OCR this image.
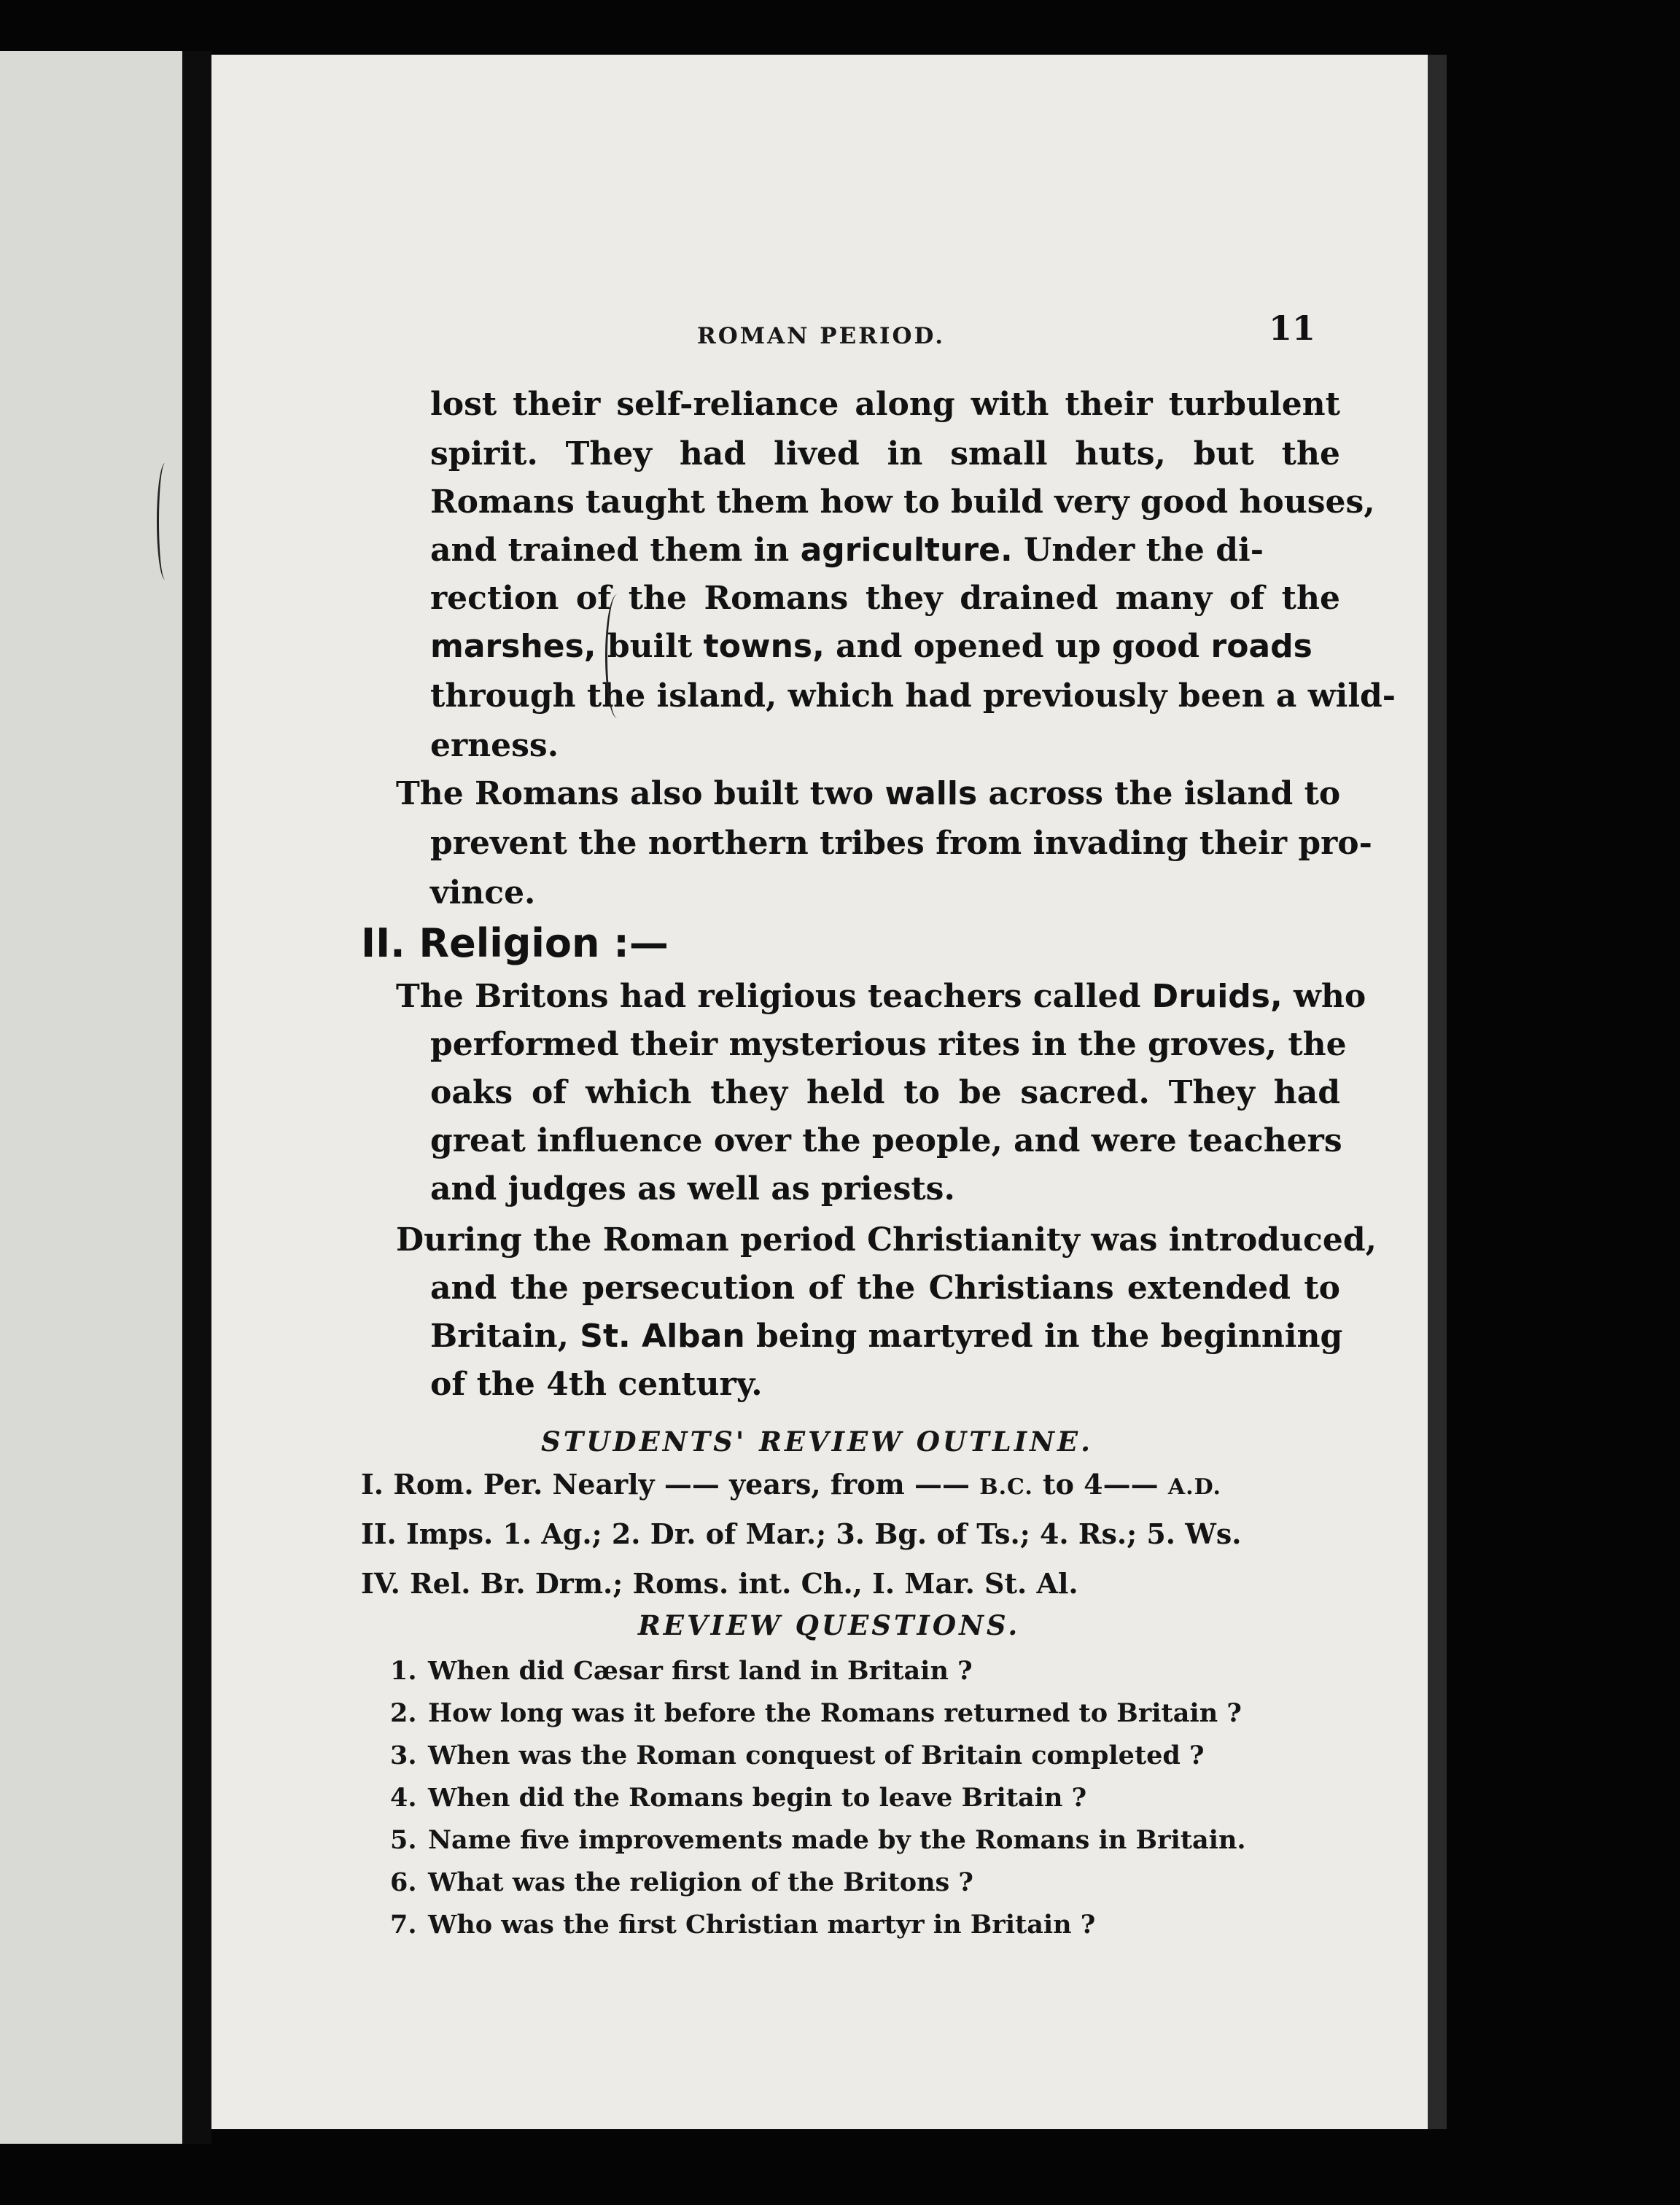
ROMAN PERIOD.	11
lost their self-reliance along with their turbulent
spirit. They had lived in small huts, but the
Romans taught them how to build very good houses,
and trained them in agriculture. Under the di-
rection of the Romans they drained many of the
marshes, built towns, and opened up good roads
through the island, which had previously been a wild-
erness.
The Romans also built two walls across the island to
prevent the northern tribes from invading their pro-
vince.
II. Religion :—
The Britons had religious teachers called Druids, who
performed their mysterious rites in the groves, the
oaks of which they held to be sacred. They had
great influence over the people, and were teachers
and judges as well as priests.
During the Roman period Christianity was introduced,
and the persecution of the Christians extended to
Britain, St. Alban being martyred in the beginning
of the 4th century.
STUDENTS' REVIEW OUTLINE.
I. Rom. Per. Nearly —— years, from —— B.C. to 4—— A.D.
II. Imps. 1. Ag.; 2. Dr. of Mar.; 3. Bg. of Ts.; 4. Rs.; 5. Ws.
IV. Rel. Br. Drm.; Roms. int. Ch., I. Mar. St. Al.
REVIEW QUESTIONS.
1. When did Cæsar first land in Britain ?
2. How long was it before the Romans returned to Britain ?
3. When was the Roman conquest of Britain completed ?
4. When did the Romans begin to leave Britain ?
5. Name five improvements made by the Romans in Britain.
6. What was the religion of the Britons ?
7. Who was the first Christian martyr in Britain ?
